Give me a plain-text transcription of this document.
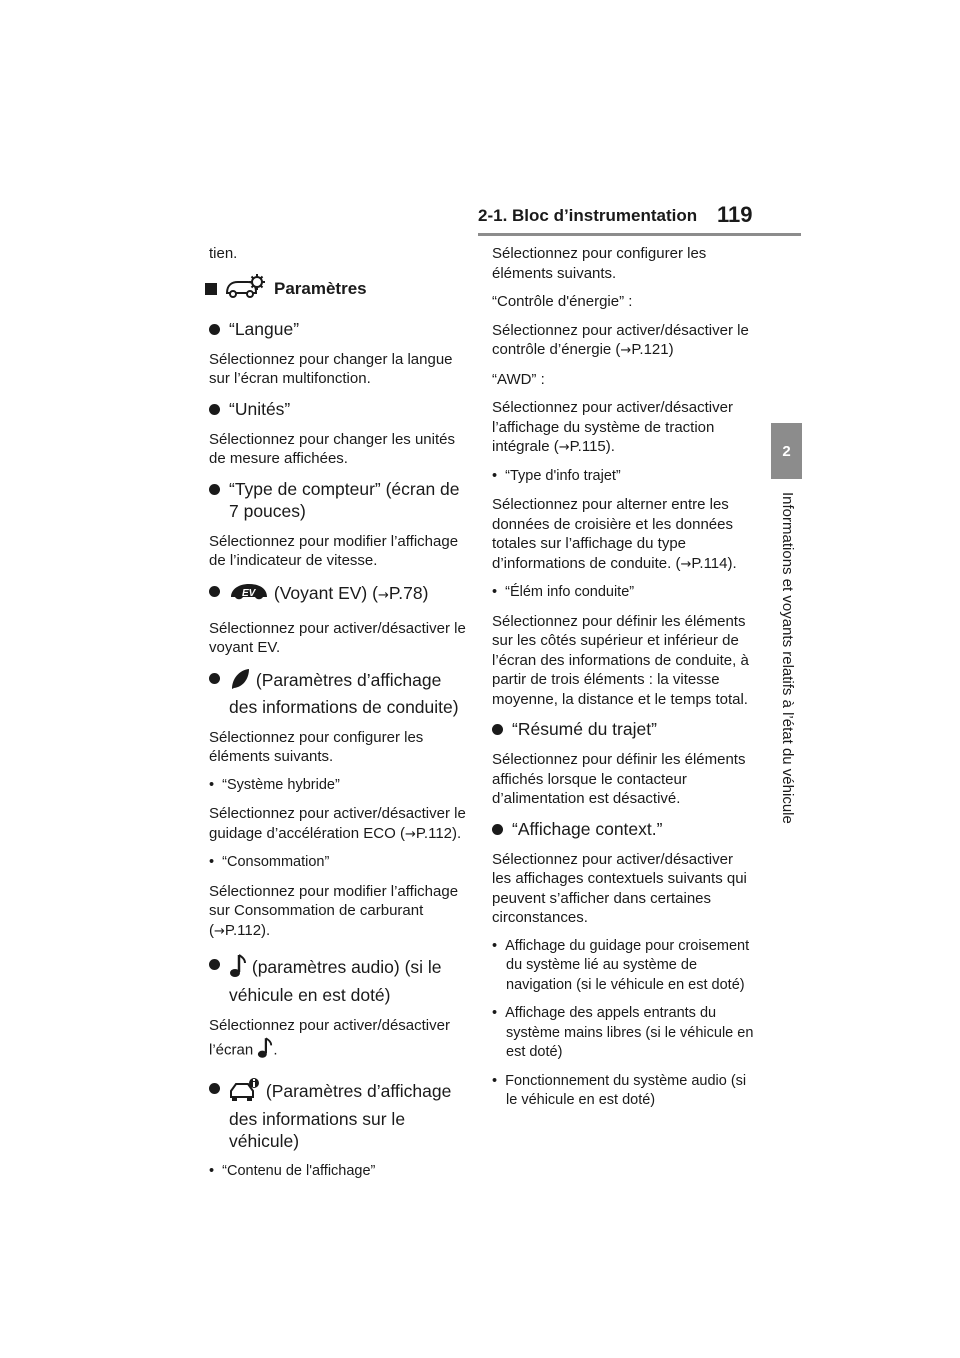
2-1. Bloc d’instrumentation 119
2
Informations et voyants relatifs à l’état du véhicule

tien.

Paramètres
“Langue”

Sélectionnez pour changer la langue sur l’écran multifonction.

“Unités”

Sélectionnez pour changer les unités de mesure affichées.

“Type de compteur” (écran de 7 pouces)

Sélectionnez pour modifier l’affichage de l’indicateur de vitesse.

EV (Voyant EV) (→P.78)

Sélectionnez pour activer/désactiver le voyant EV.

(Paramètres d’affichage des informations de conduite)

Sélectionnez pour configurer les éléments suivants.

•  “Système hybride”

Sélectionnez pour activer/désactiver le guidage d’accélération ECO (→P.112).

•  “Consommation”

Sélectionnez pour modifier l’affichage sur Consommation de carburant (→P.112).

(paramètres audio) (si le véhicule en est doté)

Sélectionnez pour activer/désactiver l’écran .

(Paramètres d’affichage des informations sur le véhicule)

•  “Contenu de l'affichage”

Sélectionnez pour configurer les éléments suivants.

“Contrôle d'énergie” :

Sélectionnez pour activer/désactiver le contrôle d’énergie (→P.121)

“AWD” :

Sélectionnez pour activer/désactiver l’affichage du système de traction intégrale (→P.115).

•  “Type d'info trajet”

Sélectionnez pour alterner entre les données de croisière et les données totales sur l’affichage du type d’informations de conduite. (→P.114).

•  “Élém info conduite”

Sélectionnez pour définir les éléments sur les côtés supérieur et inférieur de l’écran des informations de conduite, à partir de trois éléments : la vitesse moyenne, la distance et le temps total.

“Résumé du trajet”

Sélectionnez pour définir les éléments affichés lorsque le contacteur d’alimentation est désactivé.

“Affichage context.”

Sélectionnez pour activer/désactiver les affichages contextuels suivants qui peuvent s’afficher dans certaines circonstances.

•  Affichage du guidage pour croisement du système lié au système de navigation (si le véhicule en est doté)

•  Affichage des appels entrants du système mains libres (si le véhicule en est doté)

•  Fonctionnement du système audio (si le véhicule en est doté)
